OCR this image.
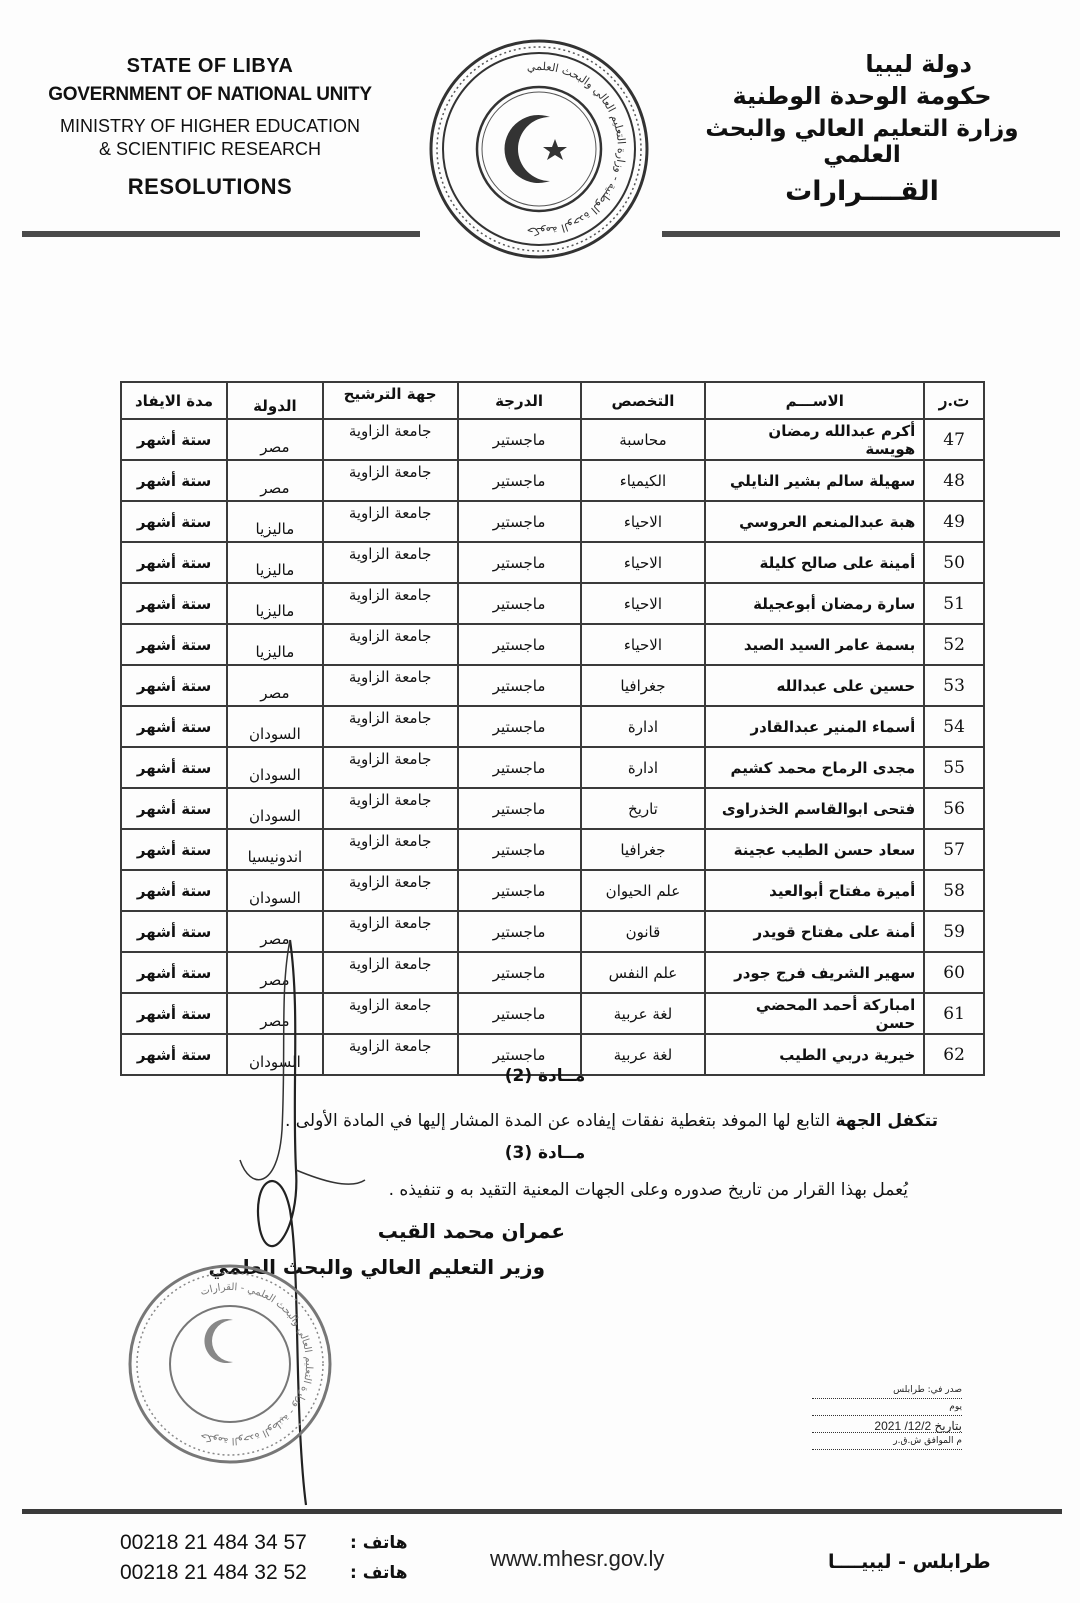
STATE OF LIBYA
GOVERNMENT OF NATIONAL UNITY
MINISTRY OF HIGHER EDUCATION
& SCIENTIFIC RESEARCH
RESOLUTIONS
حكومة الوحدة الوطنية - وزارة التعليم العالي والبحث العلمي
دولة ليبيا
حكومة الوحدة الوطنية
وزارة التعليم العالي والبحث العلمي
القــــرارات
ت.ر	الاســـم	التخصص	الدرجة	جهة الترشيح	الدولة	مدة الايفاد
47	أكرم عبدالله رمضان هويسة	محاسبة	ماجستير	جامعة الزاوية	مصر	ستة أشهر
48	سهيلة سالم بشير النايلي	الكيمياء	ماجستير	جامعة الزاوية	مصر	ستة أشهر
49	هبة عبدالمنعم العروسي	الاحياء	ماجستير	جامعة الزاوية	ماليزيا	ستة أشهر
50	أمينة على صالح كليلة	الاحياء	ماجستير	جامعة الزاوية	ماليزيا	ستة أشهر
51	سارة رمضان أبوعجيلة	الاحياء	ماجستير	جامعة الزاوية	ماليزيا	ستة أشهر
52	بسمة عامر السيد الصيد	الاحياء	ماجستير	جامعة الزاوية	ماليزيا	ستة أشهر
53	حسين على عبدالله	جغرافيا	ماجستير	جامعة الزاوية	مصر	ستة أشهر
54	أسماء المنير عبدالقادر	ادارة	ماجستير	جامعة الزاوية	السودان	ستة أشهر
55	مجدى الرماح محمد كشيم	ادارة	ماجستير	جامعة الزاوية	السودان	ستة أشهر
56	فتحى ابوالقاسم الخذراوى	تاريخ	ماجستير	جامعة الزاوية	السودان	ستة أشهر
57	سعاد حسن الطيب عجينة	جغرافيا	ماجستير	جامعة الزاوية	اندونيسيا	ستة أشهر
58	أميرة مفتاح أبوالعيد	علم الحيوان	ماجستير	جامعة الزاوية	السودان	ستة أشهر
59	أمنة على مفتاح قويدر	قانون	ماجستير	جامعة الزاوية	مصر	ستة أشهر
60	سهير الشريف فرج جودر	علم النفس	ماجستير	جامعة الزاوية	مصر	ستة أشهر
61	امباركة أحمد المحضي حسن	لغة عربية	ماجستير	جامعة الزاوية	مصر	ستة أشهر
62	خيرية دربي الطيب	لغة عربية	ماجستير	جامعة الزاوية	السودان	ستة أشهر
مــادة (2)
تتكفل الجهة التابع لها الموفد بتغطية نفقات إيفاده عن المدة المشار إليها في المادة الأولى .
مــادة (3)
يُعمل بهذا القرار من تاريخ صدوره وعلى الجهات المعنية التقيد به و تنفيذه .
عمران محمد القيب
وزير التعليم العالي والبحث العلمي
حكومة الوحدة الوطنية - وزارة التعليم العالي والبحث العلمي - القرارات
صدر في: طرابلس
يوم
بتاريخ 12/2/ 2021
م الموافق ش.ق.ر
00218 21 484 34 57	هاتف :
00218 21 484 32 52	هاتف :
www.mhesr.gov.ly	طرابلس - ليبيــــا
